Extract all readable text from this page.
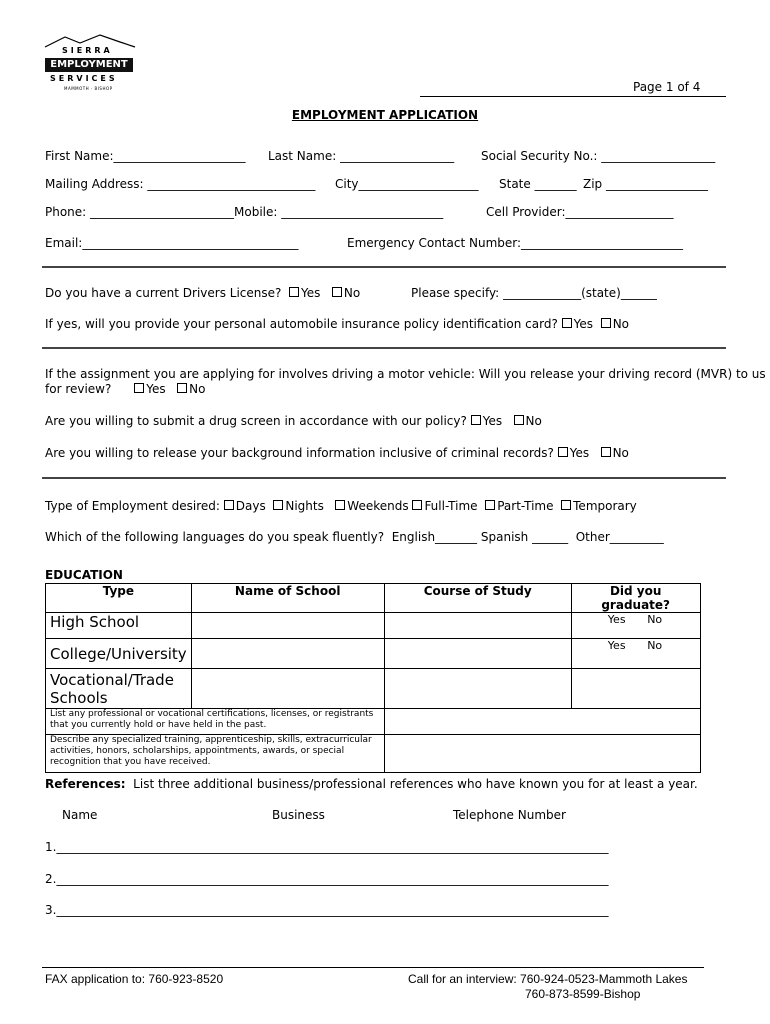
SIERRA
EMPLOYMENT
SERVICES
MAMMOTH · BISHOP	Page 1 of 4
EMPLOYMENT APPLICATION
First Name:______________________ Last Name: ___________________ Social Security No.: ___________________
Mailing Address: ____________________________ City____________________ State _______ Zip _________________
Phone: ________________________Mobile: ___________________________	Cell Provider:__________________
Email:____________________________________	Emergency Contact Number:___________________________
Do you have a current Drivers License? Yes No	Please specify: _____________(state)______
If yes, will you provide your personal automobile insurance policy identification card? Yes No
If the assignment you are applying for involves driving a motor vehicle: Will you release your driving record (MVR) to us
for review?	Yes No
Are you willing to submit a drug screen in accordance with our policy? Yes No
Are you willing to release your background information inclusive of criminal records? Yes No
Type of Employment desired: Days Nights Weekends Full-Time Part-Time Temporary
Which of the following languages do you speak fluently? English_______ Spanish ______ Other_________
EDUCATION
Type	Name of School	Course of Study	Did you graduate?
High School			Yes No
College/University			Yes No
Vocational/Trade Schools			
List any professional or vocational certifications, licenses, or registrants that you currently hold or have held in the past.			
Describe any specialized training, apprenticeship, skills, extracurricular activities, honors, scholarships, appointments, awards, or special recognition that you have received.			
References: List three additional business/professional references who have known you for at least a year.
Name	Business	Telephone Number
1.____________________________________________________________________________________________
2.____________________________________________________________________________________________
3.____________________________________________________________________________________________
FAX application to: 760-923-8520	Call for an interview: 760-924-0523-Mammoth Lakes
760-873-8599-Bishop
